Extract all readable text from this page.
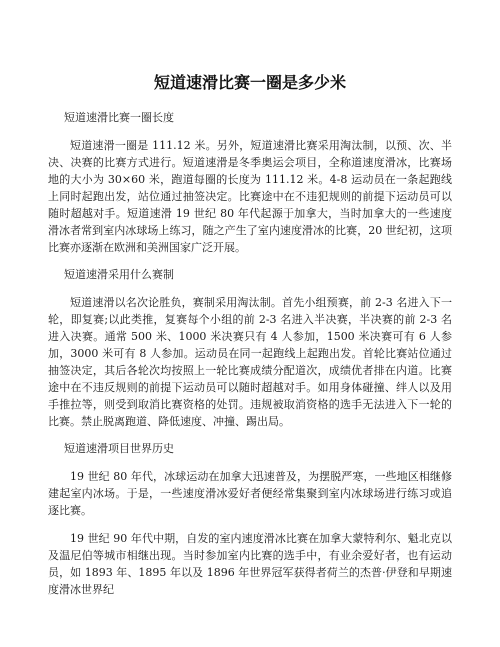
短道速滑比赛一圈是多少米

短道速滑比赛一圈长度

短道速滑一圈是 111.12 米。另外，短道速滑比赛采用淘汰制，以预、次、半决、决赛的比赛方式进行。短道速滑是冬季奥运会项目，全称道速度滑冰，比赛场地的大小为 30×60 米，跑道每圈的长度为 111.12 米。4-8 运动员在一条起跑线上同时起跑出发，站位通过抽签决定。比赛途中在不违犯规则的前提下运动员可以随时超越对手。短道速滑 19 世纪 80 年代起源于加拿大，当时加拿大的一些速度滑冰者常到室内冰球场上练习，随之产生了室内速度滑冰的比赛，20 世纪初，这项比赛亦逐渐在欧洲和美洲国家广泛开展。

短道速滑采用什么赛制

短道速滑以名次论胜负，赛制采用淘汰制。首先小组预赛，前 2-3 名进入下一轮，即复赛;以此类推，复赛每个小组的前 2-3 名进入半决赛，半决赛的前 2-3 名进入决赛。通常 500 米、1000 米决赛只有 4 人参加，1500 米决赛可有 6 人参加，3000 米可有 8 人参加。运动员在同一起跑线上起跑出发。首轮比赛站位通过抽签决定，其后各轮次均按照上一轮比赛成绩分配道次，成绩优者排在内道。比赛途中在不违反规则的前提下运动员可以随时超越对手。如用身体碰撞、绊人以及用手推拉等，则受到取消比赛资格的处罚。违规被取消资格的选手无法进入下一轮的比赛。禁止脱离跑道、降低速度、冲撞、踢出局。

短道速滑项目世界历史

19 世纪 80 年代，冰球运动在加拿大迅速普及，为摆脱严寒，一些地区相继修建起室内冰场。于是，一些速度滑冰爱好者便经常集聚到室内冰球场进行练习或追逐比赛。

19 世纪 90 年代中期，自发的室内速度滑冰比赛在加拿大蒙特利尔、魁北克以及温尼伯等城市相继出现。当时参加室内比赛的选手中，有业余爱好者，也有运动员，如 1893 年、1895 年以及 1896 年世界冠军获得者荷兰的杰普·伊登和早期速度滑冰世界纪
